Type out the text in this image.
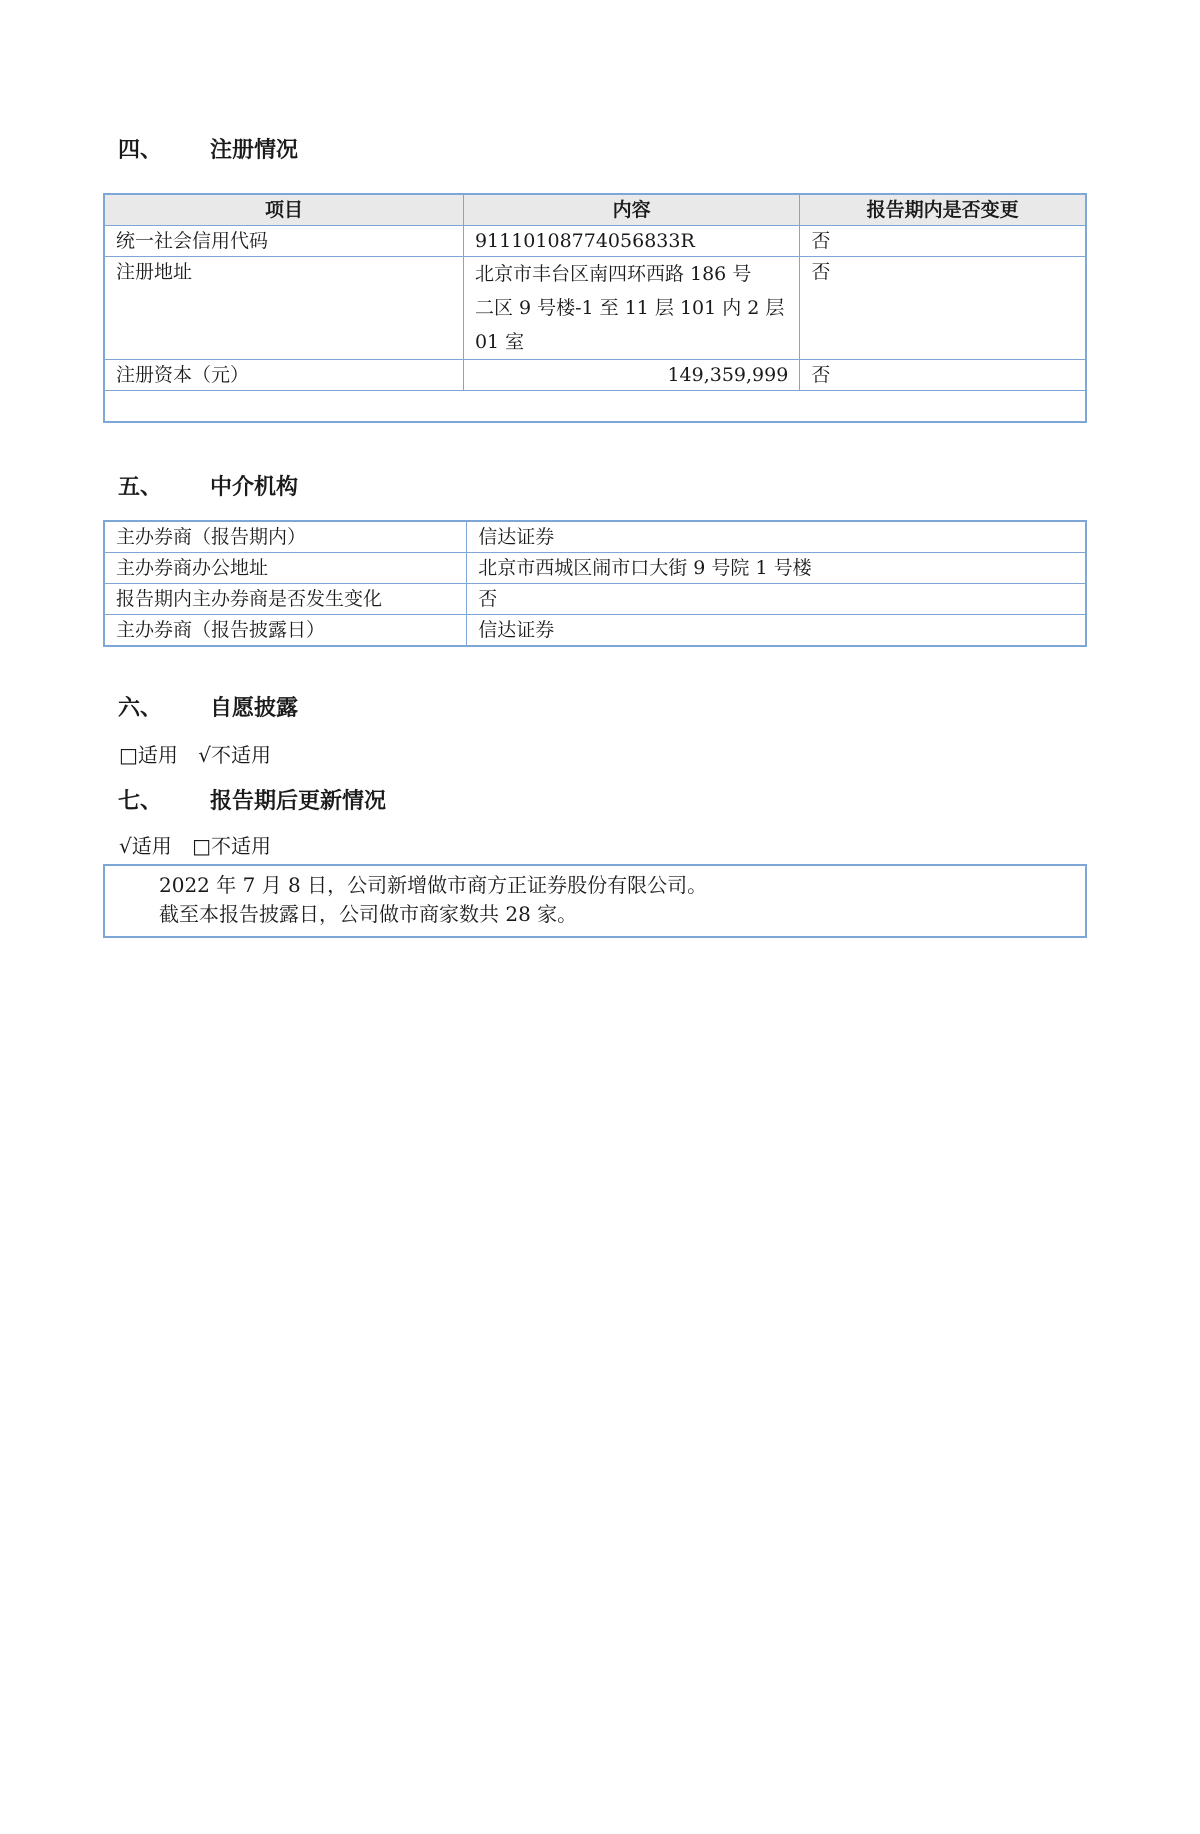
四、	注册情况
项目	内容	报告期内是否变更
统一社会信用代码	91110108774056833R	否
注册地址	北京市丰台区南四环西路 186 号
二区 9 号楼-1 至 11 层 101 内 2 层
01 室	否
注册资本（元）	149,359,999	否

五、	中介机构
主办券商（报告期内）	信达证券
主办券商办公地址	北京市西城区闹市口大街 9 号院 1 号楼
报告期内主办券商是否发生变化	否
主办券商（报告披露日）	信达证券
六、	自愿披露
□适用 √不适用
七、	报告期后更新情况
√适用 □不适用
2022 年 7 月 8 日，公司新增做市商方正证券股份有限公司。
截至本报告披露日，公司做市商家数共 28 家。
